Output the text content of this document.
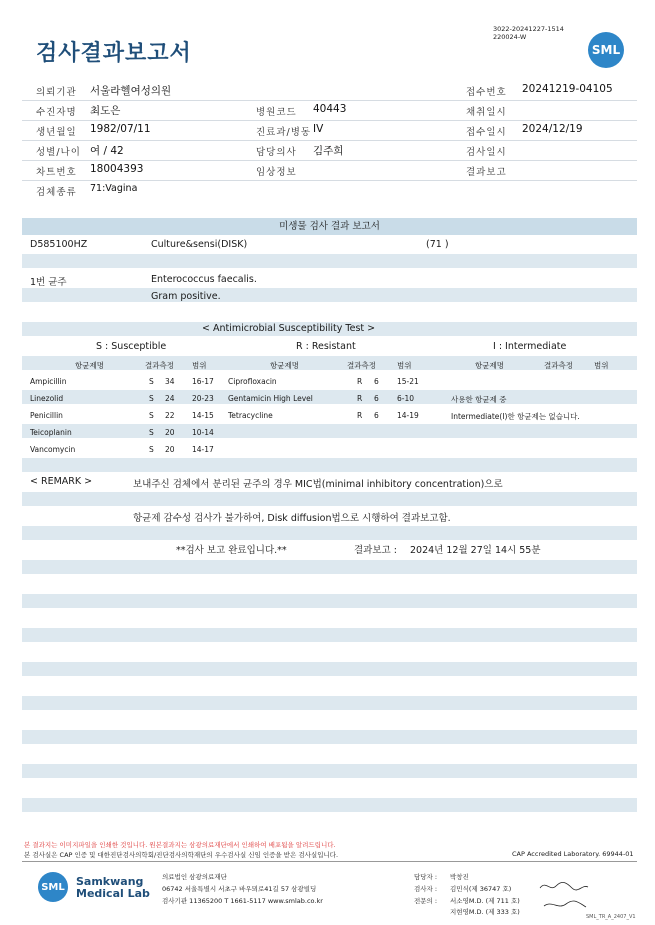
검사결과보고서
3022-20241227-1514
220024-W
SML
의뢰기관 서울라헬여성의원	접수번호 20241219-04105
수진자명 최도은	병원코드 40443	채취일시
생년월일 1982/07/11	진료과/병동 IV	접수일시 2024/12/19
성별/나이 여 / 42	담당의사 김주희	검사일시
차트번호 18004393	임상정보	결과보고
검체종류 71:Vagina
미생물 검사 결과 보고서
D585100HZ	Culture&sensi(DISK)	(71 )
1번 균주	Enterococcus faecalis.
Gram positive.
< Antimicrobial Susceptibility Test >
S : Susceptible	R : Resistant	I : Intermediate
항균제명	결과측정 범위	항균제명	결과측정	범위	항균제명	결과측정	범위
Ampicillin	S 34 16-17 Ciprofloxacin	R 6 15-21
Linezolid	S 24 20-23 Gentamicin High Level	R 6 6-10	사용한 항균제 중
Penicillin	S 22 14-15 Tetracycline	R 6 14-19	Intermediate(I)한 항균제는 없습니다.
Teicoplanin	S 20 10-14
Vancomycin	S 20 14-17
< REMARK >	보내주신 검체에서 분리된 균주의 경우 MIC법(minimal inhibitory concentration)으로
항균제 감수성 검사가 불가하여, Disk diffusion법으로 시행하여 결과보고함.
**검사 보고 완료입니다.**	결과보고 : 2024년 12월 27일 14시 55분
본 결과지는 이미지파일을 인쇄한 것입니다. 원본결과지는 삼광의료재단에서 인쇄하여 배포됨을 알려드립니다.
본 검사실은 CAP 인증 및 대한진단검사의학회/진단검사의학재단의 우수검사실 신임 인증을 받은 검사실입니다.	CAP Accredited Laboratory. 69944-01
SML Samkwang
Medical Lab
의료법인 삼광의료재단
06742 서울특별시 서초구 바우뫼로41길 57 삼광빌딩
검사기관 11365200 T 1661-5117 www.smlab.co.kr
담당자 : 박창진
검사자 : 김민식(제 36747 호)
전문의 : 서소영M.D. (제 711 호)
지현영M.D. (제 333 호)
SML_TR_A_2407_V1
